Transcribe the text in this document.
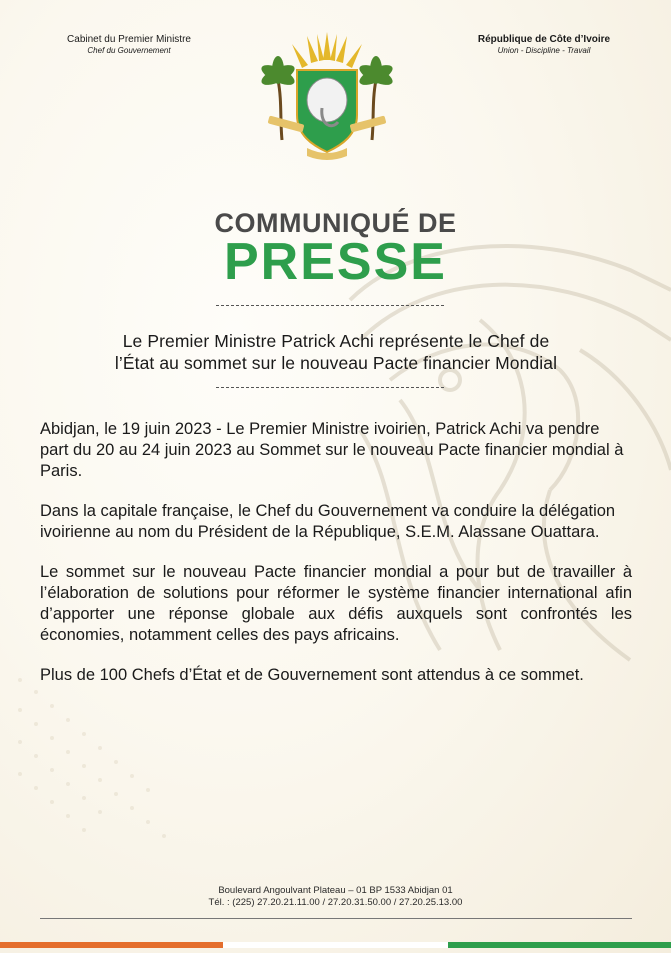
Cabinet du Premier Ministre
Chef du Gouvernement
République de Côte d’Ivoire
Union - Discipline - Travail
COMMUNIQUÉ DE
PRESSE
Le Premier Ministre Patrick Achi représente le Chef de
l’État au sommet sur le nouveau Pacte financier Mondial

Abidjan, le 19 juin 2023 - Le Premier Ministre ivoirien, Patrick Achi va pendre part du 20 au 24 juin 2023 au Sommet sur le nouveau Pacte financier mondial à Paris.

Dans la capitale française, le Chef du Gouvernement va conduire la délégation ivoirienne au nom du Président de la République, S.E.M. Alassane Ouattara.

Le sommet sur le nouveau Pacte financier mondial a pour but de travailler à l’élaboration de solutions pour réformer le système financier international afin d’apporter une réponse globale aux défis auxquels sont confrontés les économies, notamment celles des pays africains.

Plus de 100 Chefs d’État et de Gouvernement sont attendus à ce sommet.

Boulevard Angoulvant Plateau – 01 BP 1533 Abidjan 01
Tél. : (225) 27.20.21.11.00 / 27.20.31.50.00 / 27.20.25.13.00
